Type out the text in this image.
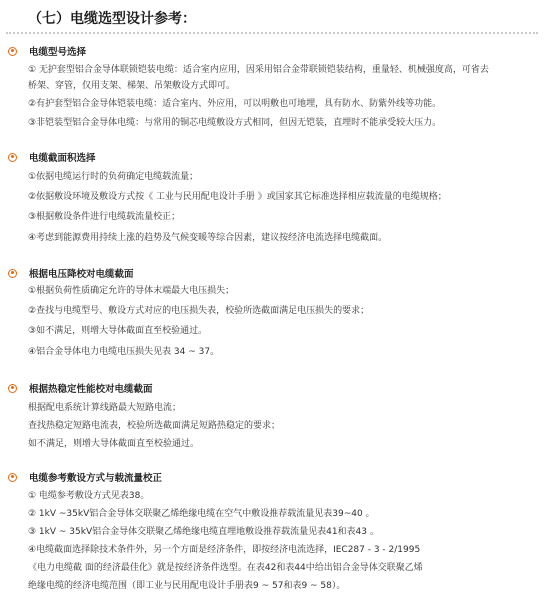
（七）电缆选型设计参考：
电缆型号选择
① 无护套型铝合金导体联锁铠装电缆：适合室内应用，因采用铝合金带联锁铠装结构，重量轻、机械强度高，可省去
桥架、穿管，仅用支架、梯架、吊架敷设方式即可。
②有护套型铝合金导体铠装电缆：适合室内、外应用，可以明敷也可地埋，具有防水、防紫外线等功能。
③非铠装型铝合金导体电缆：与常用的铜芯电缆敷设方式相同，但因无铠装，直埋时不能承受较大压力。
电缆截面积选择
①依据电缆运行时的负荷确定电缆载流量；
②依据敷设环境及敷设方式按《 工业与民用配电设计手册 》或国家其它标准选择相应载流量的电缆规格；
③根据敷设条件进行电缆载流量校正；
④考虑到能源费用持续上涨的趋势及气候变暖等综合因素，建议按经济电流选择电缆截面。
根据电压降校对电缆截面
①根据负荷性质确定允许的导体末端最大电压损失；
②查找与电缆型号、敷设方式对应的电压损失表，校验所选截面满足电压损失的要求；
③如不满足，则增大导体截面直至校验通过。
④铝合金导体电力电缆电压损失见表 34 ~ 37。
根据热稳定性能校对电缆截面
根据配电系统计算线路最大短路电流；
查找热稳定短路电流表，校验所选截面满足短路热稳定的要求；
如不满足，则增大导体截面直至校验通过。
电缆参考敷设方式与载流量校正
① 电缆参考敷设方式见表38。
② 1kV ~35kV铝合金导体交联聚乙烯绝缘电缆在空气中敷设推荐载流量见表39~40 。
③ 1kV ~ 35kV铝合金导体交联聚乙烯绝缘电缆直埋地敷设推荐载流量见表41和表43 。
④电缆截面选择除技术条件外，另一个方面是经济条件，即按经济电流选择，IEC287 - 3 - 2/1995
《电力电缆截 面的经济最佳化》就是按经济条件选型。在表42和表44中给出铝合金导体交联聚乙烯
绝缘电缆的经济电缆范围（即工业与民用配电设计手册表9 ~ 57和表9 ~ 58）。
